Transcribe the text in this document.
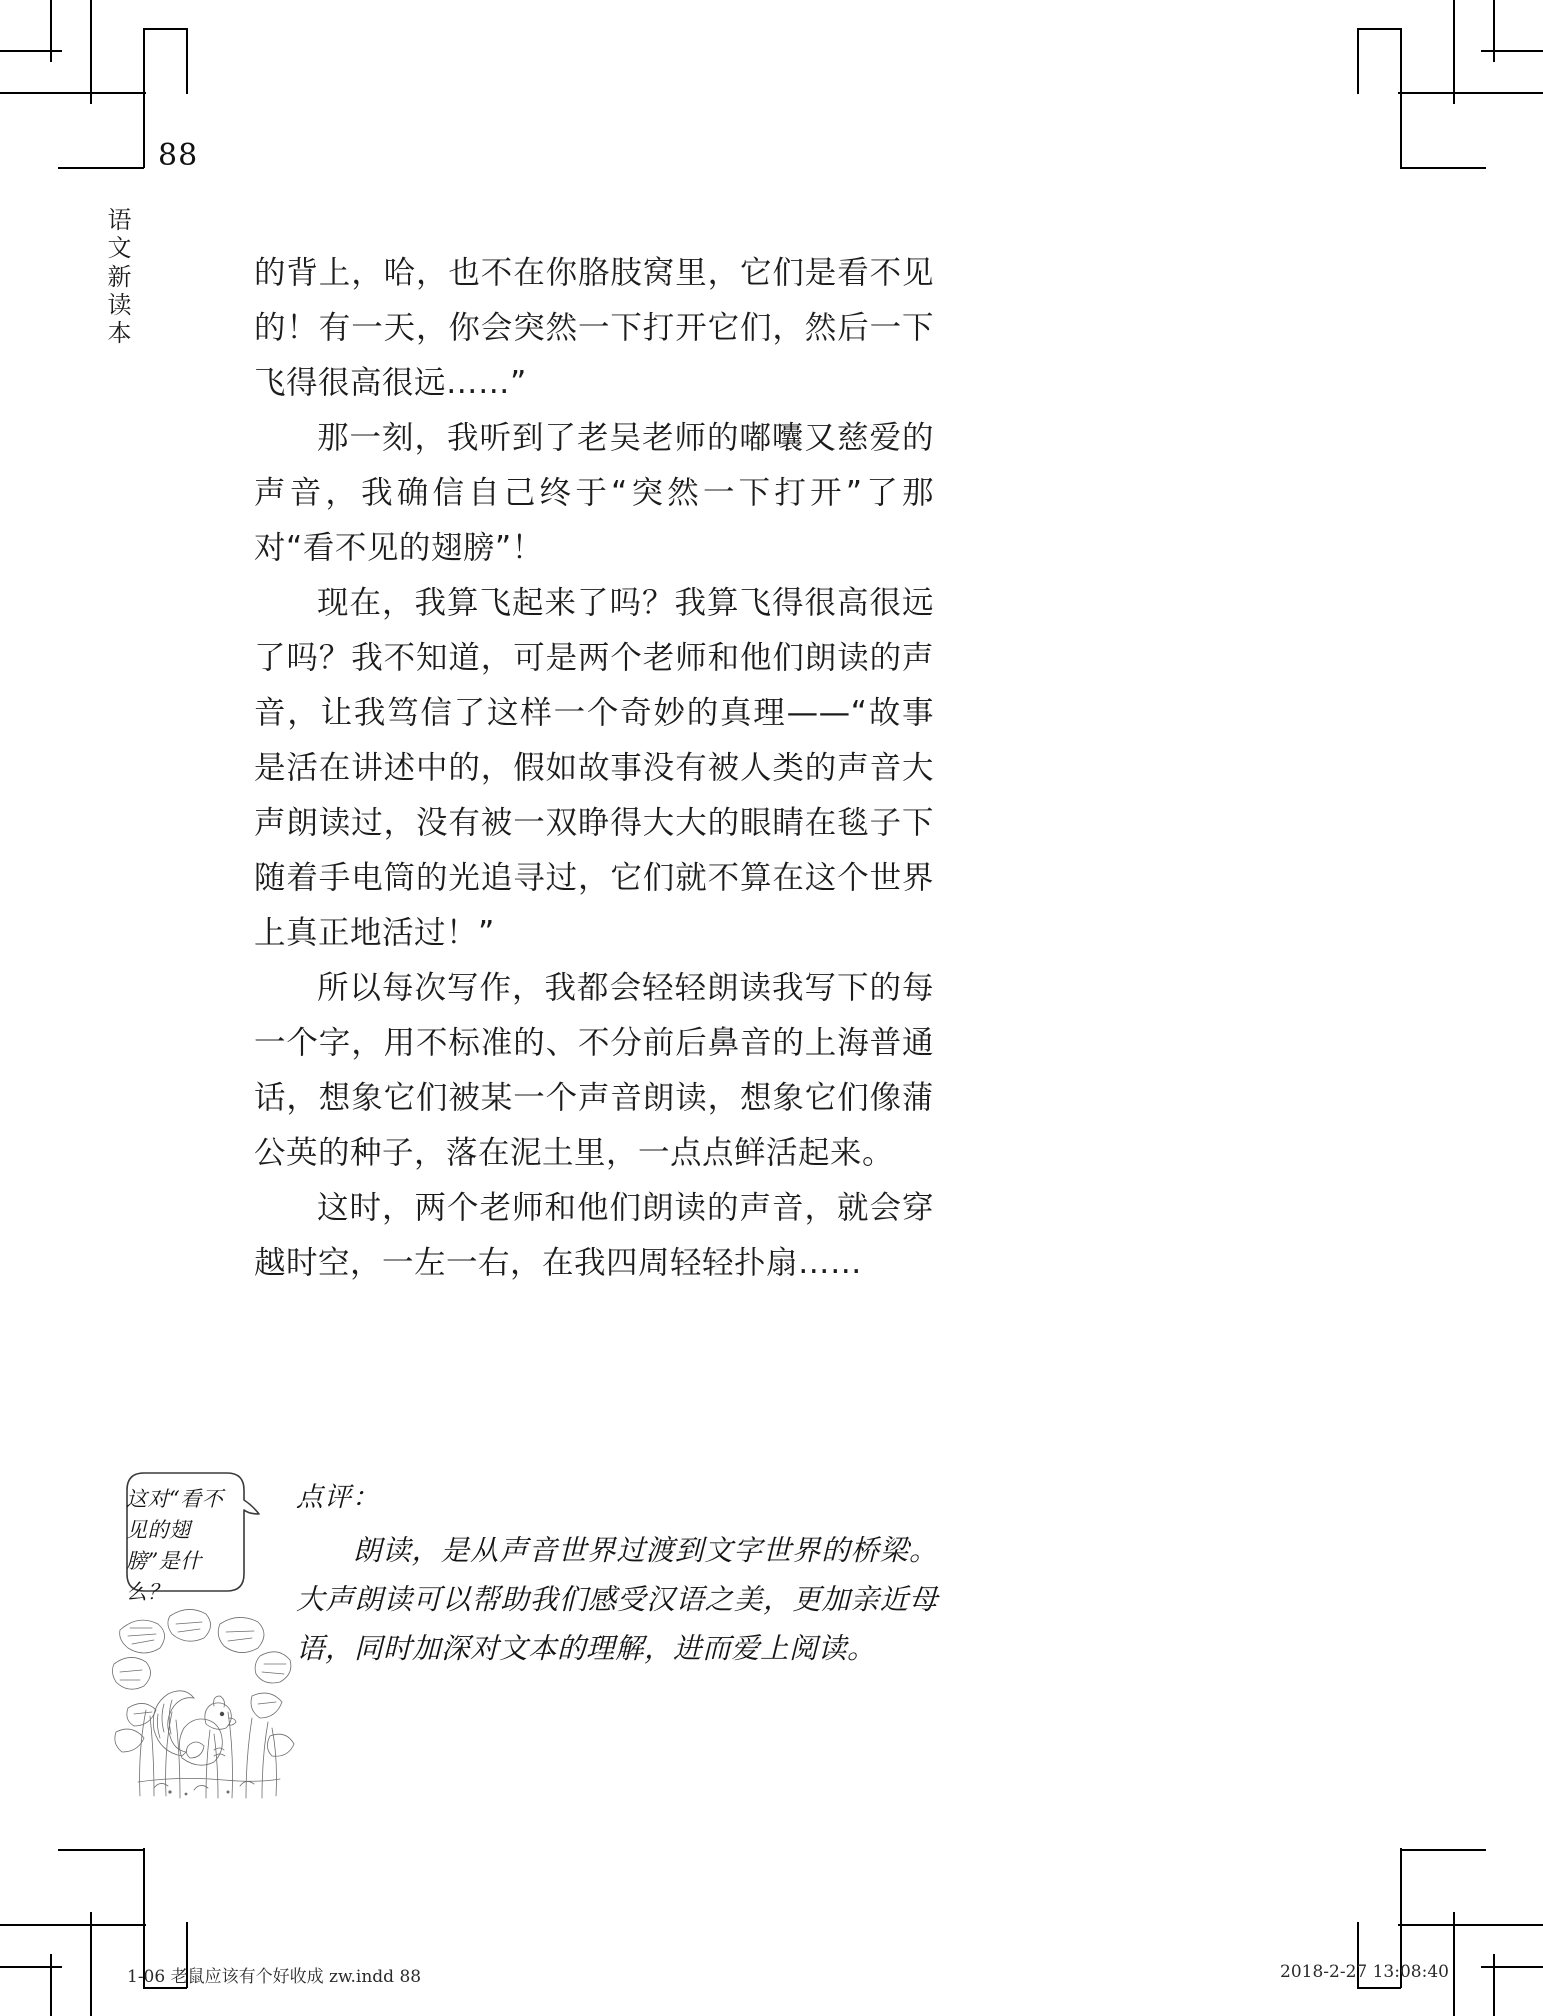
88
语
文
新
读
本

的背上，哈，也不在你胳肢窝里，它们是看不见的！有一天，你会突然一下打开它们，然后一下飞得很高很远……”

那一刻，我听到了老吴老师的嘟囔又慈爱的声音，我确信自己终于“突然一下打开”了那对“看不见的翅膀”！

现在，我算飞起来了吗？我算飞得很高很远了吗？我不知道，可是两个老师和他们朗读的声音，让我笃信了这样一个奇妙的真理——“故事是活在讲述中的，假如故事没有被人类的声音大声朗读过，没有被一双睁得大大的眼睛在毯子下随着手电筒的光追寻过，它们就不算在这个世界上真正地活过！”

所以每次写作，我都会轻轻朗读我写下的每一个字，用不标准的、不分前后鼻音的上海普通话，想象它们被某一个声音朗读，想象它们像蒲公英的种子，落在泥土里，一点点鲜活起来。

这时，两个老师和他们朗读的声音，就会穿越时空，一左一右，在我四周轻轻扑扇……

这对“看不见的翅膀”是什么？
点评：
朗读，是从声音世界过渡到文字世界的桥梁。大声朗读可以帮助我们感受汉语之美，更加亲近母语，同时加深对文本的理解，进而爱上阅读。
1-06 老鼠应该有个好收成 zw.indd 88	2018-2-27 13:08:40
